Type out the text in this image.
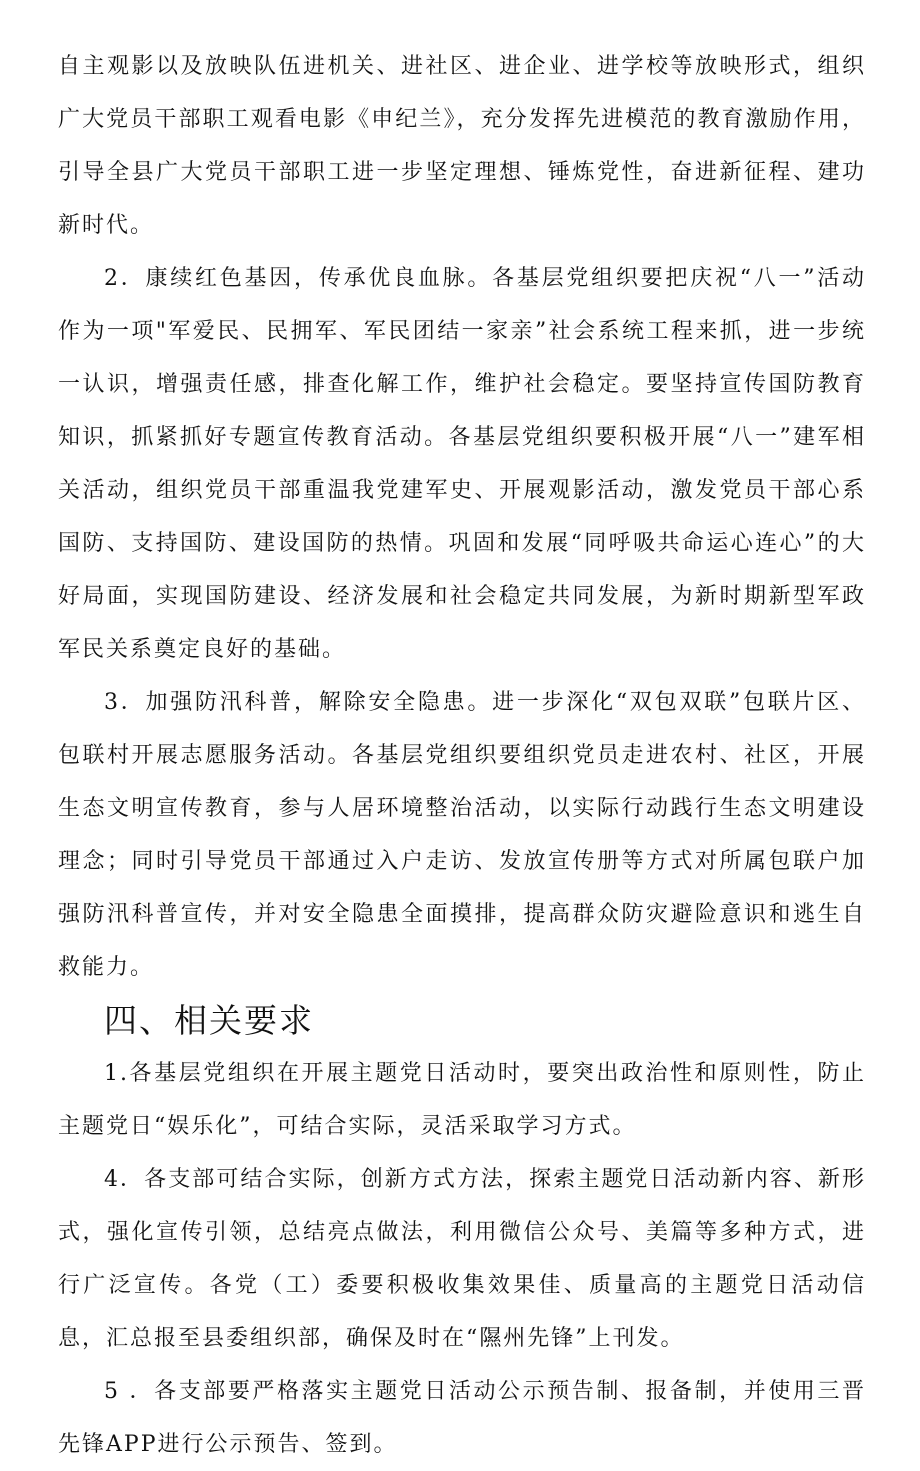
自主观影以及放映队伍进机关、进社区、进企业、进学校等放映形式，组织广大党员干部职工观看电影《申纪兰》，充分发挥先进模范的教育激励作用，引导全县广大党员干部职工进一步坚定理想、锤炼党性，奋进新征程、建功新时代。

2．康续红色基因，传承优良血脉。各基层党组织要把庆祝“八一”活动作为一项"军爱民、民拥军、军民团结一家亲”社会系统工程来抓，进一步统一认识，增强责任感，排查化解工作，维护社会稳定。要坚持宣传国防教育知识，抓紧抓好专题宣传教育活动。各基层党组织要积极开展“八一”建军相关活动，组织党员干部重温我党建军史、开展观影活动，激发党员干部心系国防、支持国防、建设国防的热情。巩固和发展“同呼吸共命运心连心”的大好局面，实现国防建设、经济发展和社会稳定共同发展，为新时期新型军政军民关系奠定良好的基础。

3．加强防汛科普，解除安全隐患。进一步深化“双包双联”包联片区、包联村开展志愿服务活动。各基层党组织要组织党员走进农村、社区，开展生态文明宣传教育，参与人居环境整治活动，以实际行动践行生态文明建设理念；同时引导党员干部通过入户走访、发放宣传册等方式对所属包联户加强防汛科普宣传，并对安全隐患全面摸排，提高群众防灾避险意识和逃生自救能力。

四、相关要求

1.各基层党组织在开展主题党日活动时，要突出政治性和原则性，防止主题党日“娱乐化”，可结合实际，灵活采取学习方式。

4．各支部可结合实际，创新方式方法，探索主题党日活动新内容、新形式，强化宣传引领，总结亮点做法，利用微信公众号、美篇等多种方式，进行广泛宣传。各党（工）委要积极收集效果佳、质量高的主题党日活动信息，汇总报至县委组织部，确保及时在“隰州先锋”上刊发。

5 ．各支部要严格落实主题党日活动公示预告制、报备制，并使用三晋先锋APP进行公示预告、签到。
